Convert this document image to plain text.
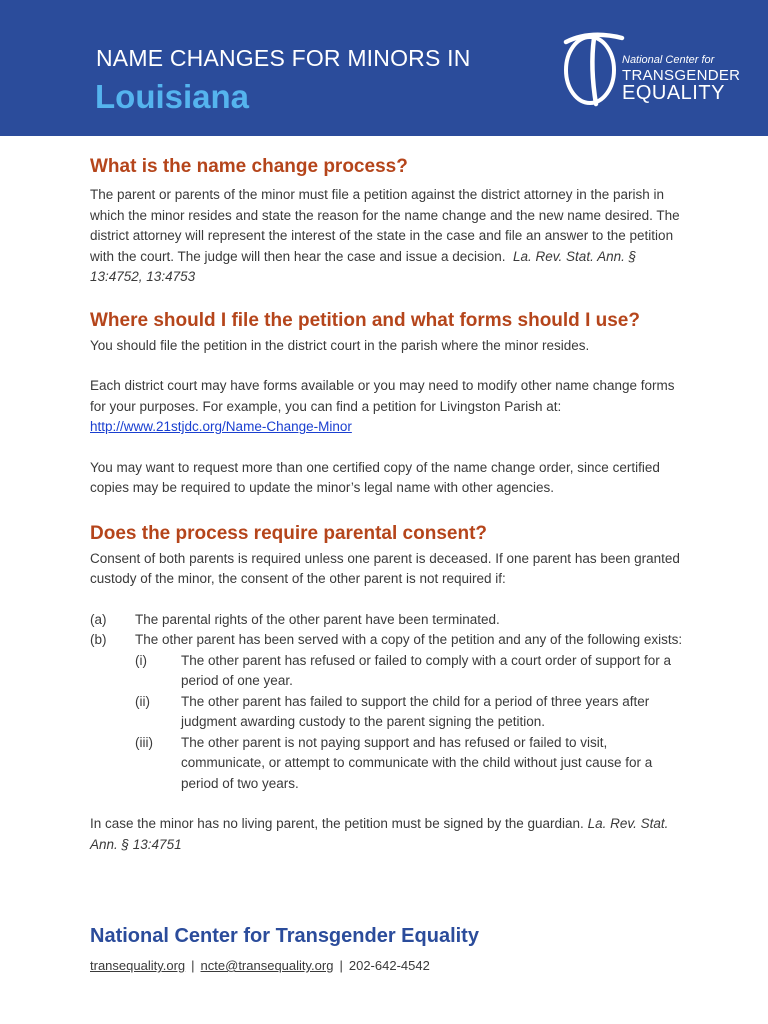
NAME CHANGES FOR MINORS IN
Louisiana
National Center for
TRANSGENDER
EQUALITY
What is the name change process?

The parent or parents of the minor must file a petition against the district attorney in the parish in which the minor resides and state the reason for the name change and the new name desired. The district attorney will represent the interest of the state in the case and file an answer to the petition with the court. The judge will then hear the case and issue a decision. La. Rev. Stat. Ann. § 13:4752, 13:4753

Where should I file the petition and what forms should I use?

You should file the petition in the district court in the parish where the minor resides.

Each district court may have forms available or you may need to modify other name change forms for your purposes. For example, you can find a petition for Livingston Parish at:

http://www.21stjdc.org/Name-Change-Minor

You may want to request more than one certified copy of the name change order, since certified copies may be required to update the minor’s legal name with other agencies.

Does the process require parental consent?

Consent of both parents is required unless one parent is deceased. If one parent has been granted custody of the minor, the consent of the other parent is not required if:

(a)	The parental rights of the other parent have been terminated.
(b)	The other parent has been served with a copy of the petition and any of the following exists:
(i)	The other parent has refused or failed to comply with a court order of support for a period of one year.
(ii)	The other parent has failed to support the child for a period of three years after judgment awarding custody to the parent signing the petition.
(iii)	The other parent is not paying support and has refused or failed to visit, communicate, or attempt to communicate with the child without just cause for a period of two years.

In case the minor has no living parent, the petition must be signed by the guardian. La. Rev. Stat. Ann. § 13:4751

National Center for Transgender Equality
transequality.org | ncte@transequality.org | 202-642-4542
